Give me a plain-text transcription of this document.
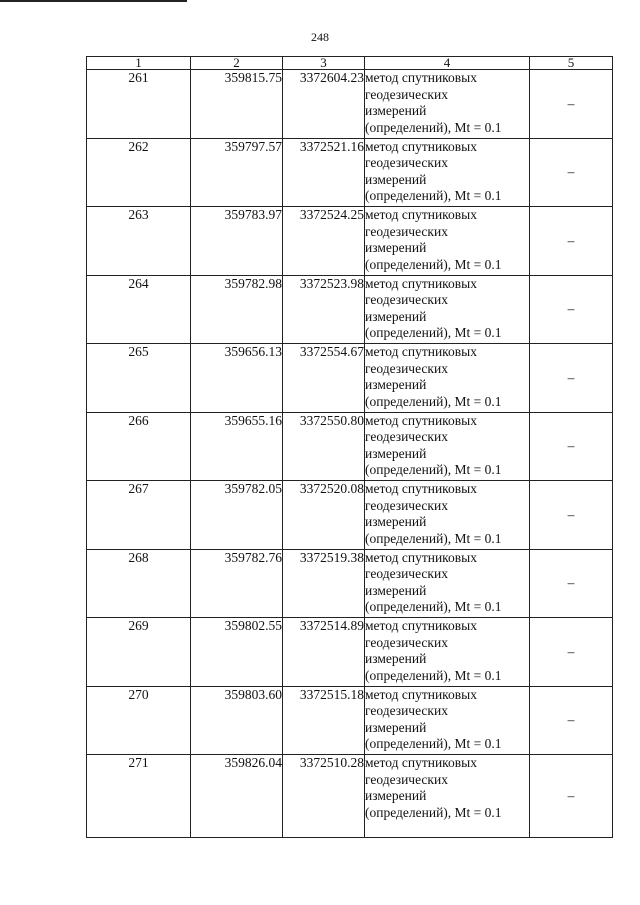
248
1	2	3	4	5
261	359815.75	3372604.23	метод спутниковых
геодезических
измерений
(определений), Mt = 0.1	–
262	359797.57	3372521.16	метод спутниковых
геодезических
измерений
(определений), Mt = 0.1	–
263	359783.97	3372524.25	метод спутниковых
геодезических
измерений
(определений), Mt = 0.1	–
264	359782.98	3372523.98	метод спутниковых
геодезических
измерений
(определений), Mt = 0.1	–
265	359656.13	3372554.67	метод спутниковых
геодезических
измерений
(определений), Mt = 0.1	–
266	359655.16	3372550.80	метод спутниковых
геодезических
измерений
(определений), Mt = 0.1	–
267	359782.05	3372520.08	метод спутниковых
геодезических
измерений
(определений), Mt = 0.1	–
268	359782.76	3372519.38	метод спутниковых
геодезических
измерений
(определений), Mt = 0.1	–
269	359802.55	3372514.89	метод спутниковых
геодезических
измерений
(определений), Mt = 0.1	–
270	359803.60	3372515.18	метод спутниковых
геодезических
измерений
(определений), Mt = 0.1	–
271	359826.04	3372510.28	метод спутниковых
геодезических
измерений
(определений), Mt = 0.1	–
